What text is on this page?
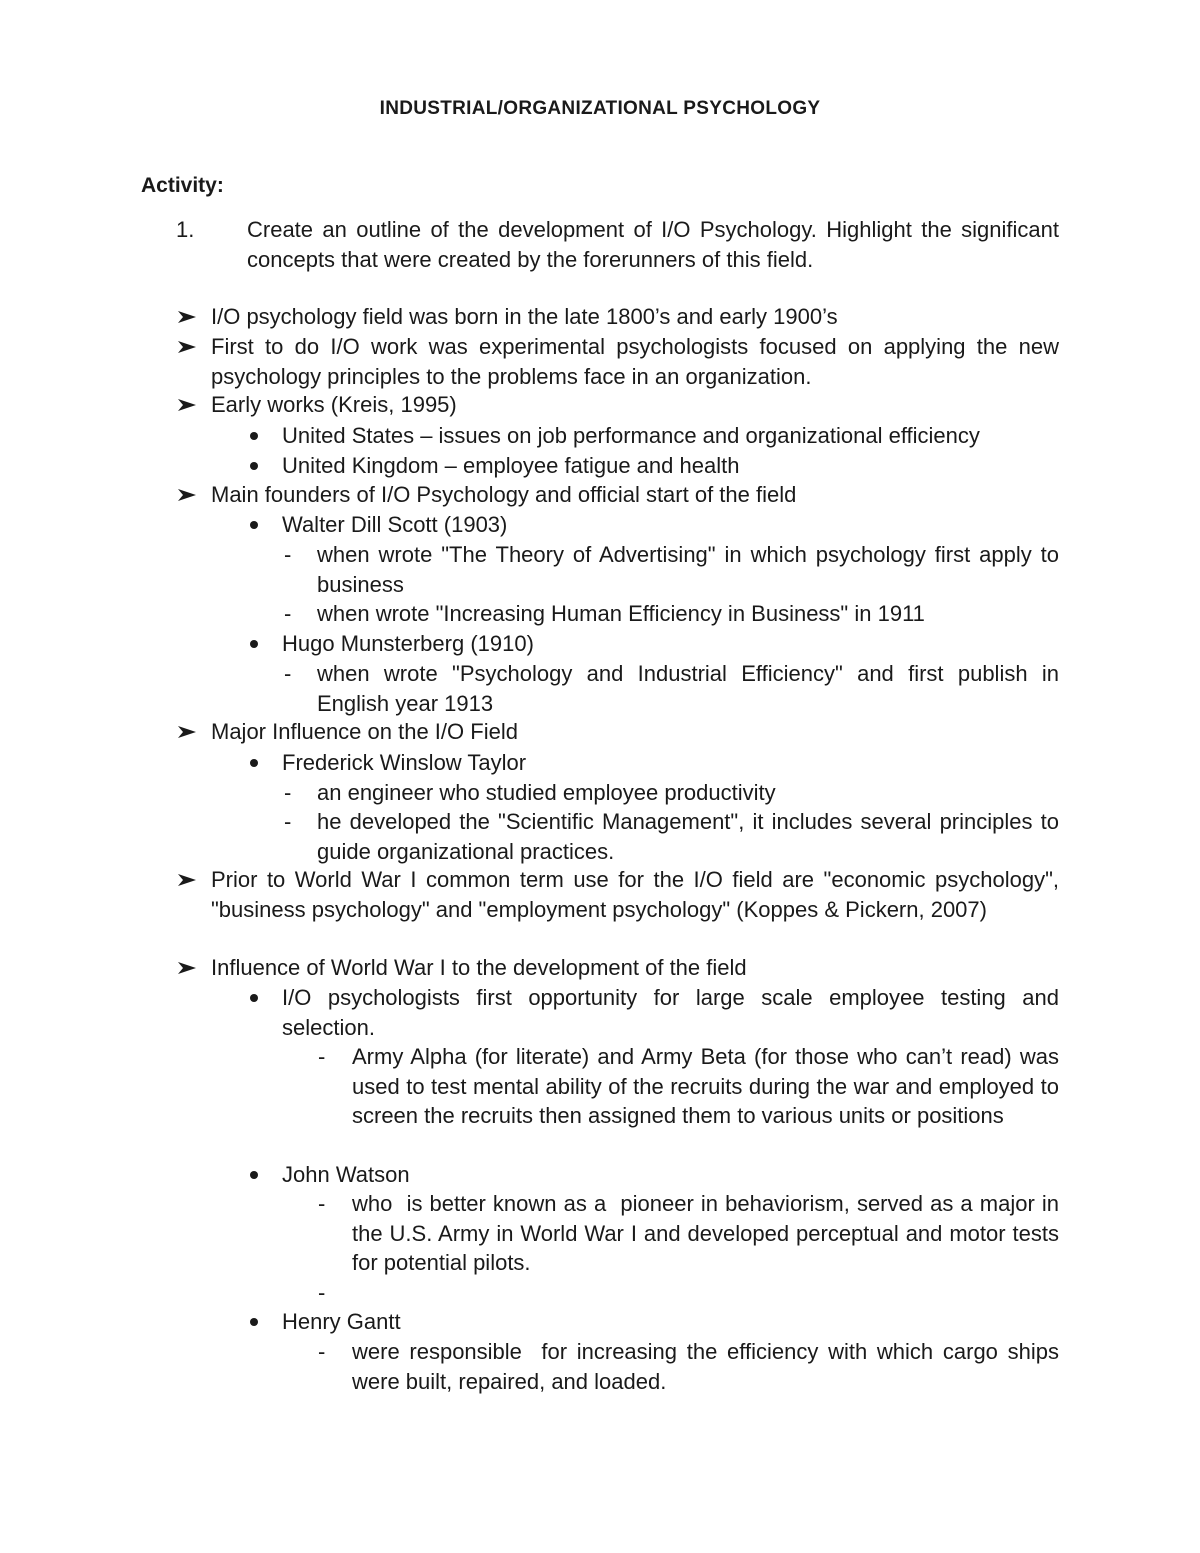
INDUSTRIAL/ORGANIZATIONAL PSYCHOLOGY
Activity:
1. Create an outline of the development of I/O Psychology. Highlight the significant concepts that were created by the forerunners of this field.
I/O psychology field was born in the late 1800’s and early 1900’s
First to do I/O work was experimental psychologists focused on applying the new psychology principles to the problems face in an organization.
Early works (Kreis, 1995)
United States – issues on job performance and organizational efficiency
United Kingdom – employee fatigue and health
Main founders of I/O Psychology and official start of the field
Walter Dill Scott (1903)
- when wrote "The Theory of Advertising" in which psychology first apply to business
- when wrote "Increasing Human Efficiency in Business" in 1911
Hugo Munsterberg (1910)
- when wrote "Psychology and Industrial Efficiency" and first publish in English year 1913
Major Influence on the I/O Field
Frederick Winslow Taylor
- an engineer who studied employee productivity
- he developed the "Scientific Management", it includes several principles to guide organizational practices.
Prior to World War I common term use for the I/O field are "economic psychology", "business psychology" and "employment psychology" (Koppes & Pickern, 2007)
Influence of World War I to the development of the field
I/O psychologists first opportunity for large scale employee testing and selection.
- Army Alpha (for literate) and Army Beta (for those who can’t read) was used to test mental ability of the recruits during the war and employed to screen the recruits then assigned them to various units or positions
John Watson
- who  is better known as a  pioneer in behaviorism, served as a major in the U.S. Army in World War I and developed perceptual and motor tests for potential pilots.
-
Henry Gantt
- were responsible  for increasing the efficiency with which cargo ships were built, repaired, and loaded.
